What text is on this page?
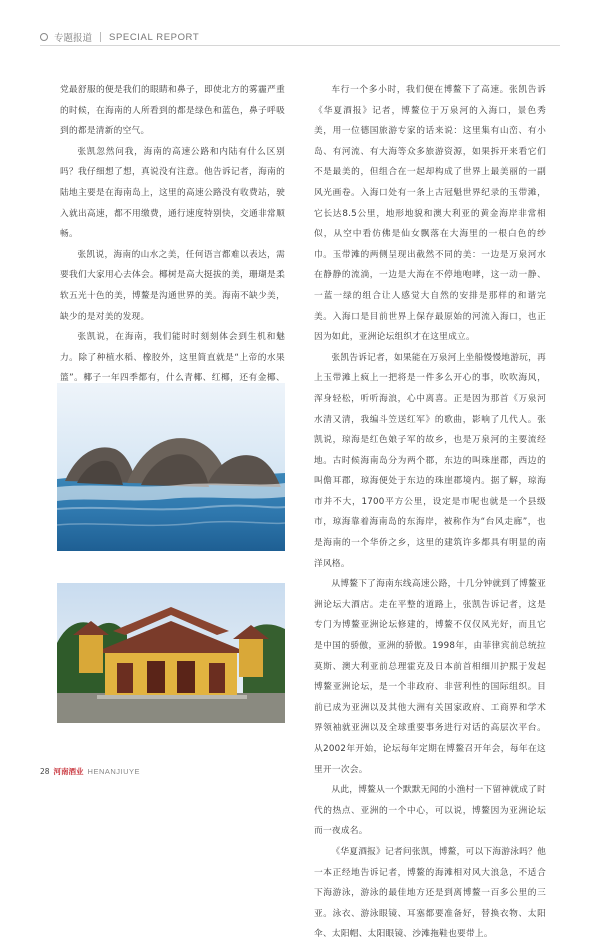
专题报道 SPECIAL REPORT

党最舒服的便是我们的眼睛和鼻子，即使北方的雾霾严重的时候，在海南的人所看到的都是绿色和蓝色，鼻子呼吸到的都是清新的空气。

张凯忽然问我，海南的高速公路和内陆有什么区别吗？我仔细想了想，真说没有注意。他告诉记者，海南的陆地主要是在海南岛上，这里的高速公路没有收费站，驶入就出高速，都不用缴费，通行速度特别快，交通非常顺畅。

张凯说，海南的山水之美，任何语言都难以表达，需要我们大家用心去体会。椰树是高大挺拔的美，珊瑚是柔软五光十色的美，博鳌是沟通世界的美。海南不缺少美，缺少的是对美的发现。

张凯说，在海南，我们能时时刻刻体会到生机和魅力。除了种植水稻、橡胶外，这里简直就是“上帝的水果篮”。椰子一年四季都有，什么青椰、红椰，还有金椰、

车行一个多小时，我们便在博鳌下了高速。张凯告诉《华夏酒报》记者，博鳌位于万泉河的入海口，景色秀美，用一位德国旅游专家的话来说：这里集有山峦、有小岛、有河流、有大海等众多旅游资源，如果拆开来看它们不是最美的，但组合在一起却构成了世界上最美丽的一副风光画卷。入海口处有一条上古冠魁世界纪录的玉带滩，它长达8.5公里，地形地貌和澳大利亚的黄金海岸非常相似，从空中看仿佛是仙女飘落在大海里的一根白色的纱巾。玉带滩的两侧呈现出截然不同的美：一边是万泉河水在静静的流淌，一边是大海在不停地咆哮，这一动一静、一蓝一绿的组合让人感觉大自然的安排是那样的和谐完美。入海口是目前世界上保存最原始的河流入海口，也正因为如此，亚洲论坛组织才在这里成立。

张凯告诉记者，如果能在万泉河上坐船慢慢地游玩，再上玉带滩上疯上一把将是一件多么开心的事，吹吹海风，浑身轻松，听听海浪，心中离喜。正是因为那首《万泉河水清又清，我编斗笠送红军》的歌曲，影响了几代人。张凯说，琼海是红色娘子军的故乡，也是万泉河的主要流经地。古时候海南岛分为两个郡，东边的叫珠崖郡，西边的叫儋耳郡，琼海便处于东边的珠崖郡境内。据了解，琼海市并不大，1700平方公里，设定是市呢也就是一个县级市，琼海靠着海南岛的东海岸，被称作为“台风走廊”，也是海南的一个华侨之乡，这里的建筑许多都具有明显的南洋风格。

从博鳌下了海南东线高速公路，十几分钟就到了博鳌亚洲论坛大酒店。走在平整的道路上，张凯告诉记者，这是专门为博鳌亚洲论坛修建的，博鳌不仅仅风光好，而且它是中国的骄傲，亚洲的骄傲。1998年，由菲律宾前总统拉莫斯、澳大利亚前总理霍克及日本前首相细川护熙于发起博鳌亚洲论坛，是一个非政府、非营利性的国际组织。目前已成为亚洲以及其他大洲有关国家政府、工商界和学术界领袖就亚洲以及全球重要事务进行对话的高层次平台。从2002年开始，论坛每年定期在博鳌召开年会，每年在这里开一次会。

从此，博鳌从一个默默无闻的小渔村一下留神就成了时代的热点、亚洲的一个中心，可以说，博鳌因为亚洲论坛而一夜成名。

《华夏酒报》记者问张凯，博鳌，可以下海游泳吗？他一本正经地告诉记者，博鳌的海滩相对风大浪急，不适合下海游泳，游泳的最佳地方还是到离博鳌一百多公里的三亚。泳衣、游泳眼镜、耳塞都要准备好，替换衣物、太阳伞、太阳帽、太阳眼镜、沙滩拖鞋也要带上。

28 河南酒业 HENANJIUYE
